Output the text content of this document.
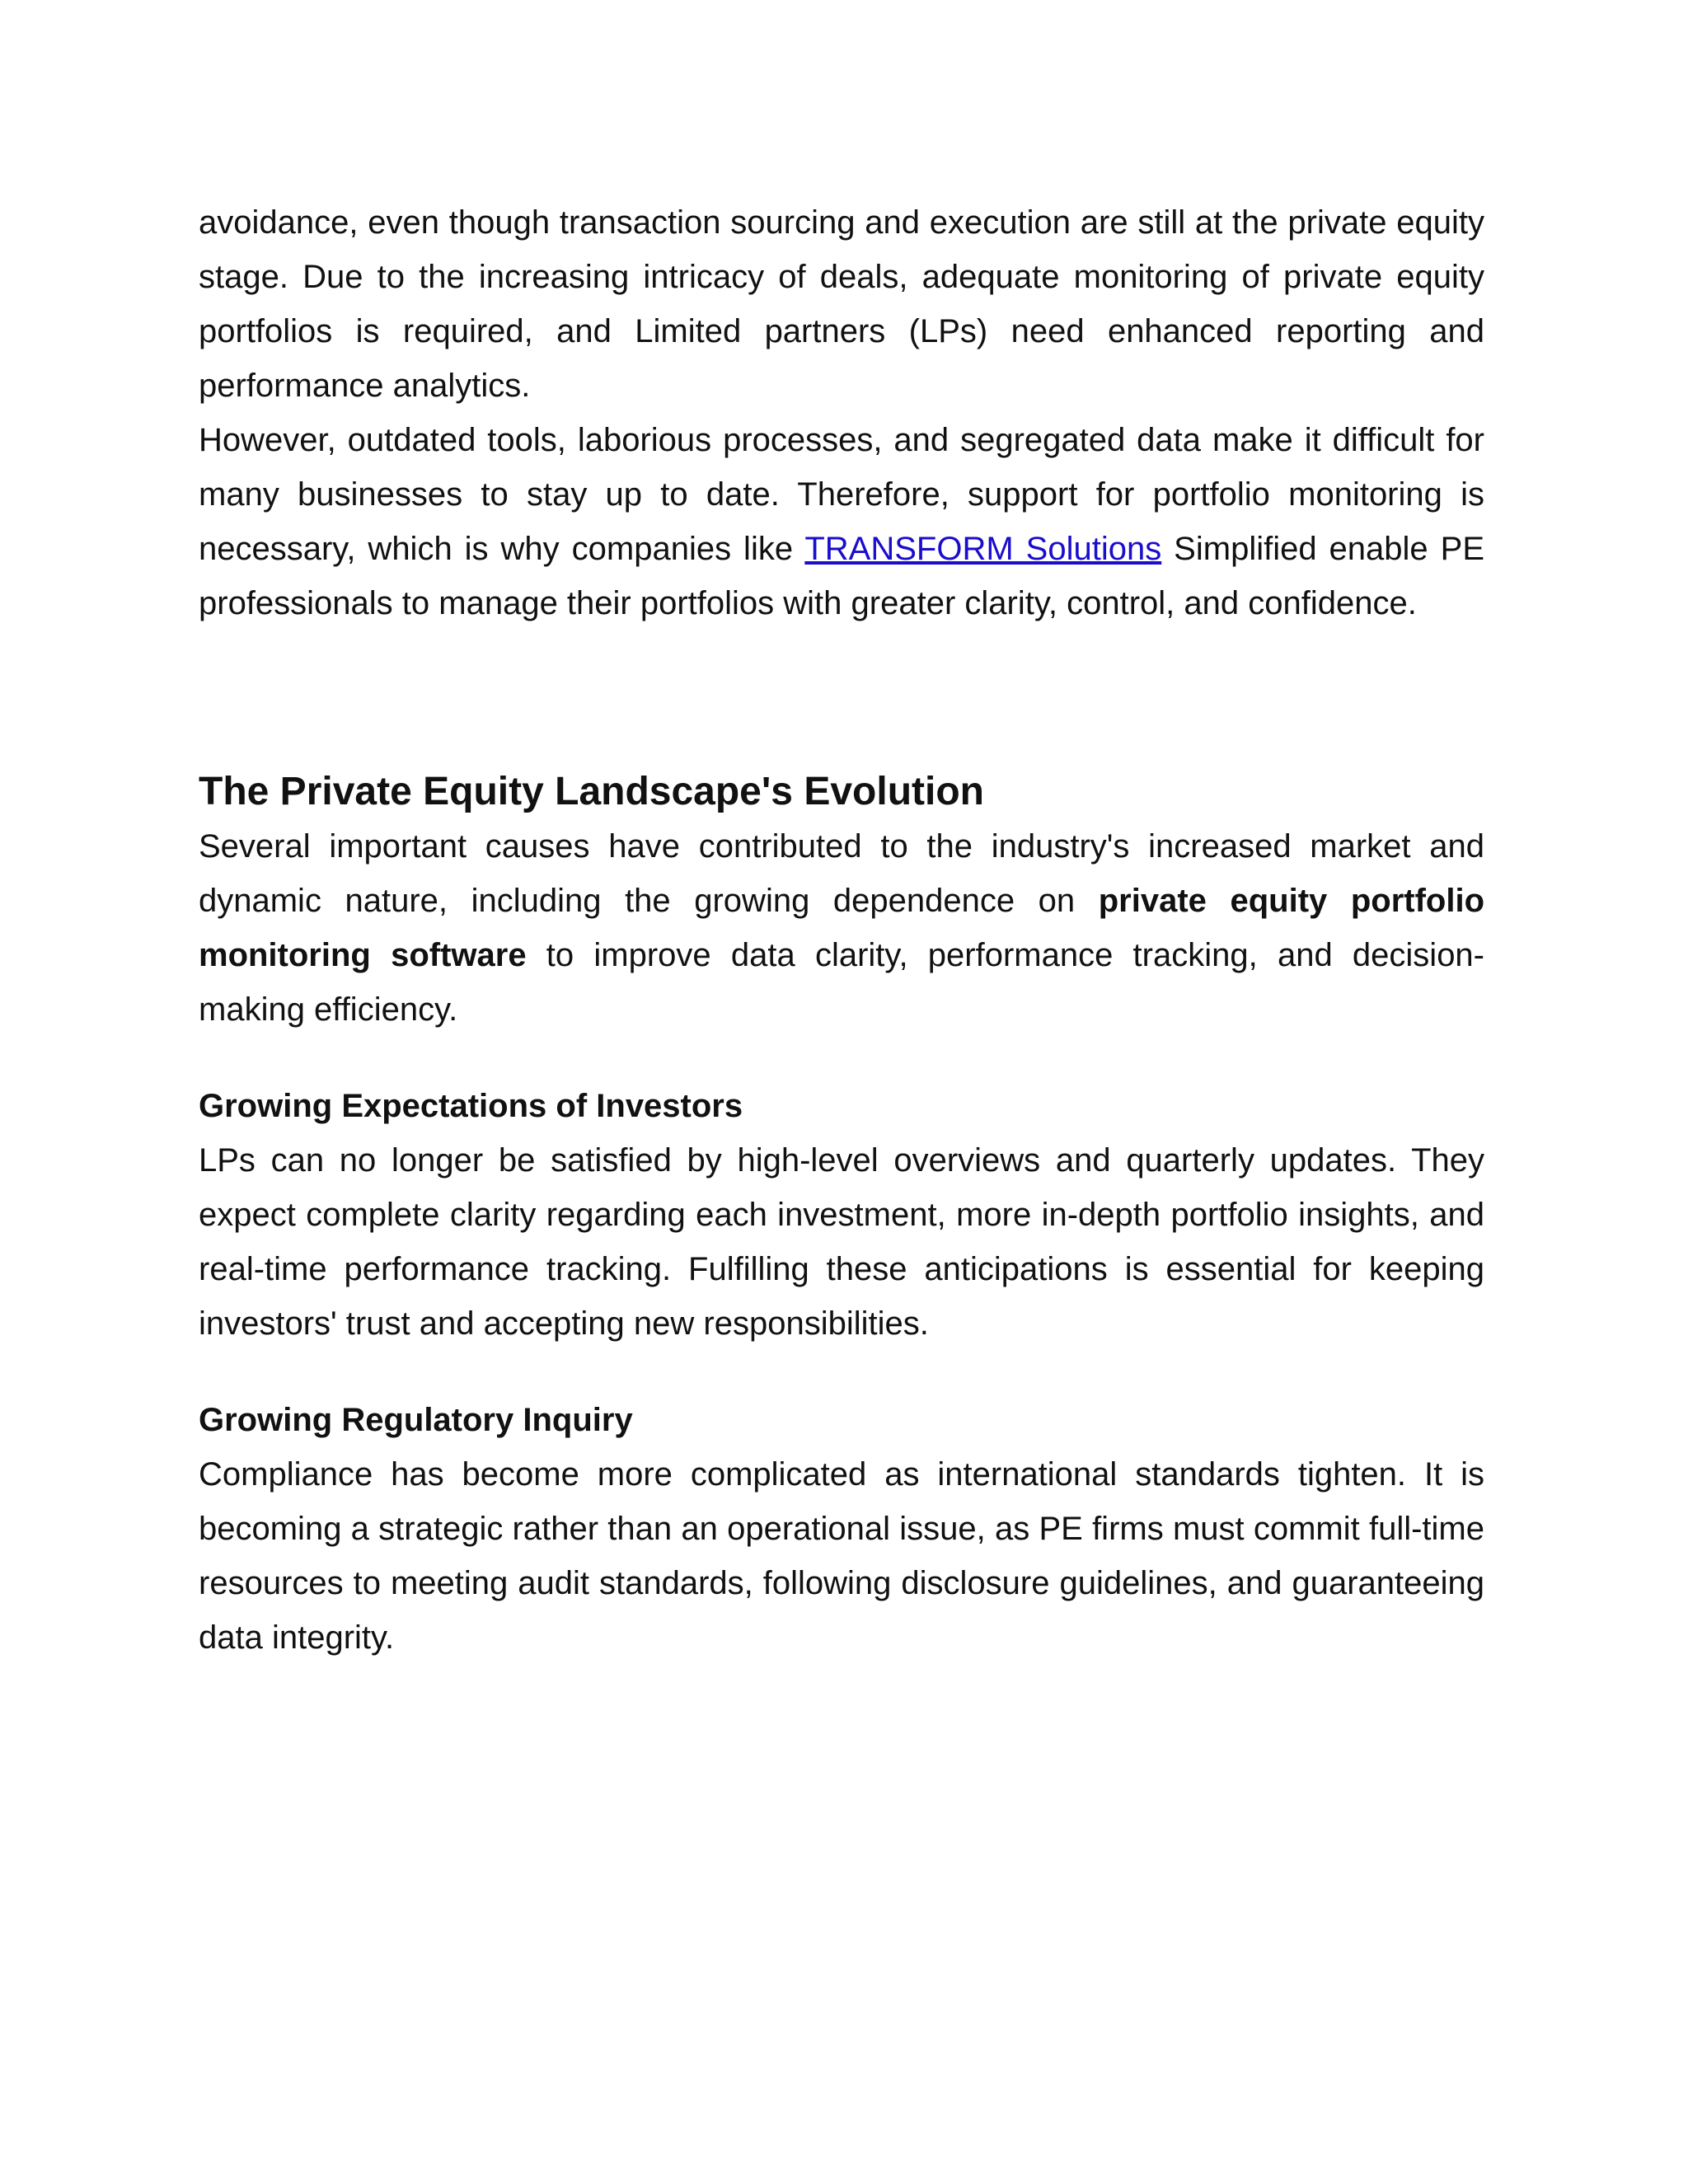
avoidance, even though transaction sourcing and execution are still at the private equity stage. Due to the increasing intricacy of deals, adequate monitoring of private equity portfolios is required, and Limited partners (LPs) need enhanced reporting and performance analytics.

However, outdated tools, laborious processes, and segregated data make it difficult for many businesses to stay up to date. Therefore, support for portfolio monitoring is necessary, which is why companies like TRANSFORM Solutions Simplified enable PE professionals to manage their portfolios with greater clarity, control, and confidence.

The Private Equity Landscape's Evolution

Several important causes have contributed to the industry's increased market and dynamic nature, including the growing dependence on private equity portfolio monitoring software to improve data clarity, performance tracking, and decision-making efficiency.

Growing Expectations of Investors

LPs can no longer be satisfied by high-level overviews and quarterly updates. They expect complete clarity regarding each investment, more in-depth portfolio insights, and real-time performance tracking. Fulfilling these anticipations is essential for keeping investors' trust and accepting new responsibilities.

Growing Regulatory Inquiry

Compliance has become more complicated as international standards tighten. It is becoming a strategic rather than an operational issue, as PE firms must commit full-time resources to meeting audit standards, following disclosure guidelines, and guaranteeing data integrity.
